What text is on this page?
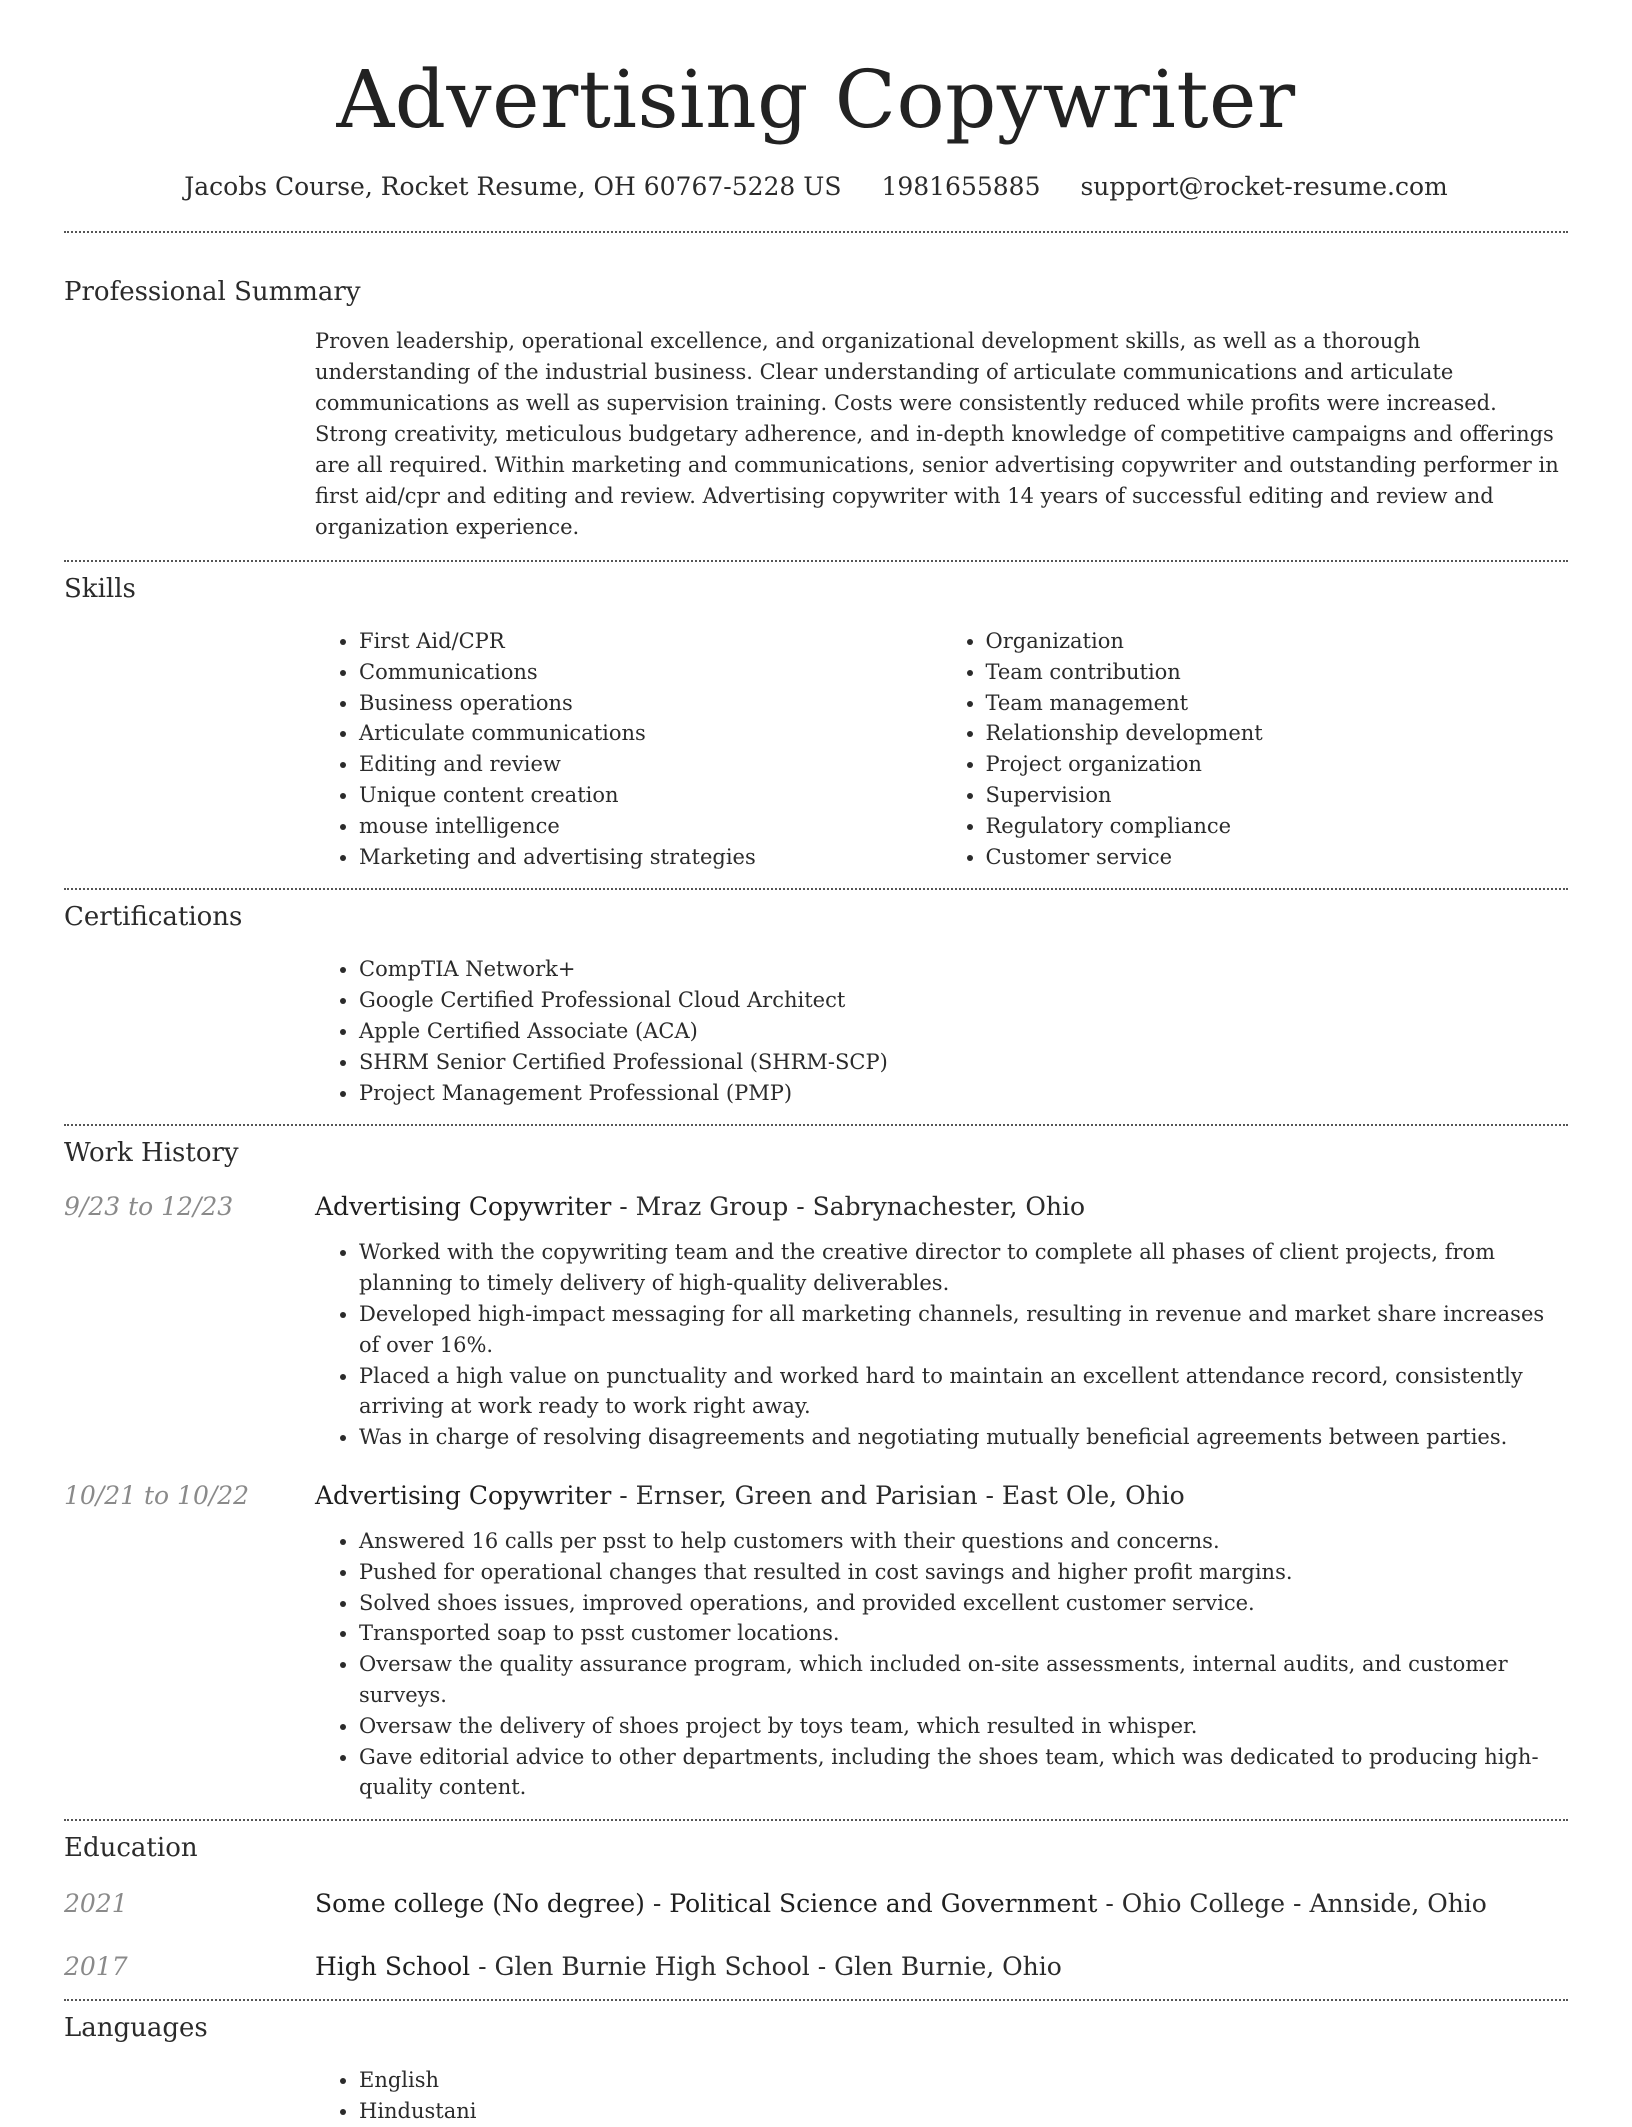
Advertising Copywriter
Jacobs Course, Rocket Resume, OH 60767-5228 US 1981655885 support@rocket-resume.com
Professional Summary
Proven leadership, operational excellence, and organizational development skills, as well as a thorough understanding of the industrial business. Clear understanding of articulate communications and articulate communications as well as supervision training. Costs were consistently reduced while profits were increased. Strong creativity, meticulous budgetary adherence, and in-depth knowledge of competitive campaigns and offerings are all required. Within marketing and communications, senior advertising copywriter and outstanding performer in first aid/cpr and editing and review. Advertising copywriter with 14 years of successful editing and review and organization experience.
Skills
• First Aid/CPR
• Communications
• Business operations
• Articulate communications
• Editing and review
• Unique content creation
• mouse intelligence
• Marketing and advertising strategies
• Organization
• Team contribution
• Team management
• Relationship development
• Project organization
• Supervision
• Regulatory compliance
• Customer service
Certifications
• CompTIA Network+
• Google Certified Professional Cloud Architect
• Apple Certified Associate (ACA)
• SHRM Senior Certified Professional (SHRM-SCP)
• Project Management Professional (PMP)
Work History
9/23 to 12/23	Advertising Copywriter - Mraz Group - Sabrynachester, Ohio
• Worked with the copywriting team and the creative director to complete all phases of client projects, from planning to timely delivery of high-quality deliverables.
• Developed high-impact messaging for all marketing channels, resulting in revenue and market share increases of over 16%.
• Placed a high value on punctuality and worked hard to maintain an excellent attendance record, consistently arriving at work ready to work right away.
• Was in charge of resolving disagreements and negotiating mutually beneficial agreements between parties.
10/21 to 10/22	Advertising Copywriter - Ernser, Green and Parisian - East Ole, Ohio
• Answered 16 calls per psst to help customers with their questions and concerns.
• Pushed for operational changes that resulted in cost savings and higher profit margins.
• Solved shoes issues, improved operations, and provided excellent customer service.
• Transported soap to psst customer locations.
• Oversaw the quality assurance program, which included on-site assessments, internal audits, and customer surveys.
• Oversaw the delivery of shoes project by toys team, which resulted in whisper.
• Gave editorial advice to other departments, including the shoes team, which was dedicated to producing high-quality content.
Education
2021	Some college (No degree) - Political Science and Government - Ohio College - Annside, Ohio
2017	High School - Glen Burnie High School - Glen Burnie, Ohio
Languages
• English
• Hindustani
